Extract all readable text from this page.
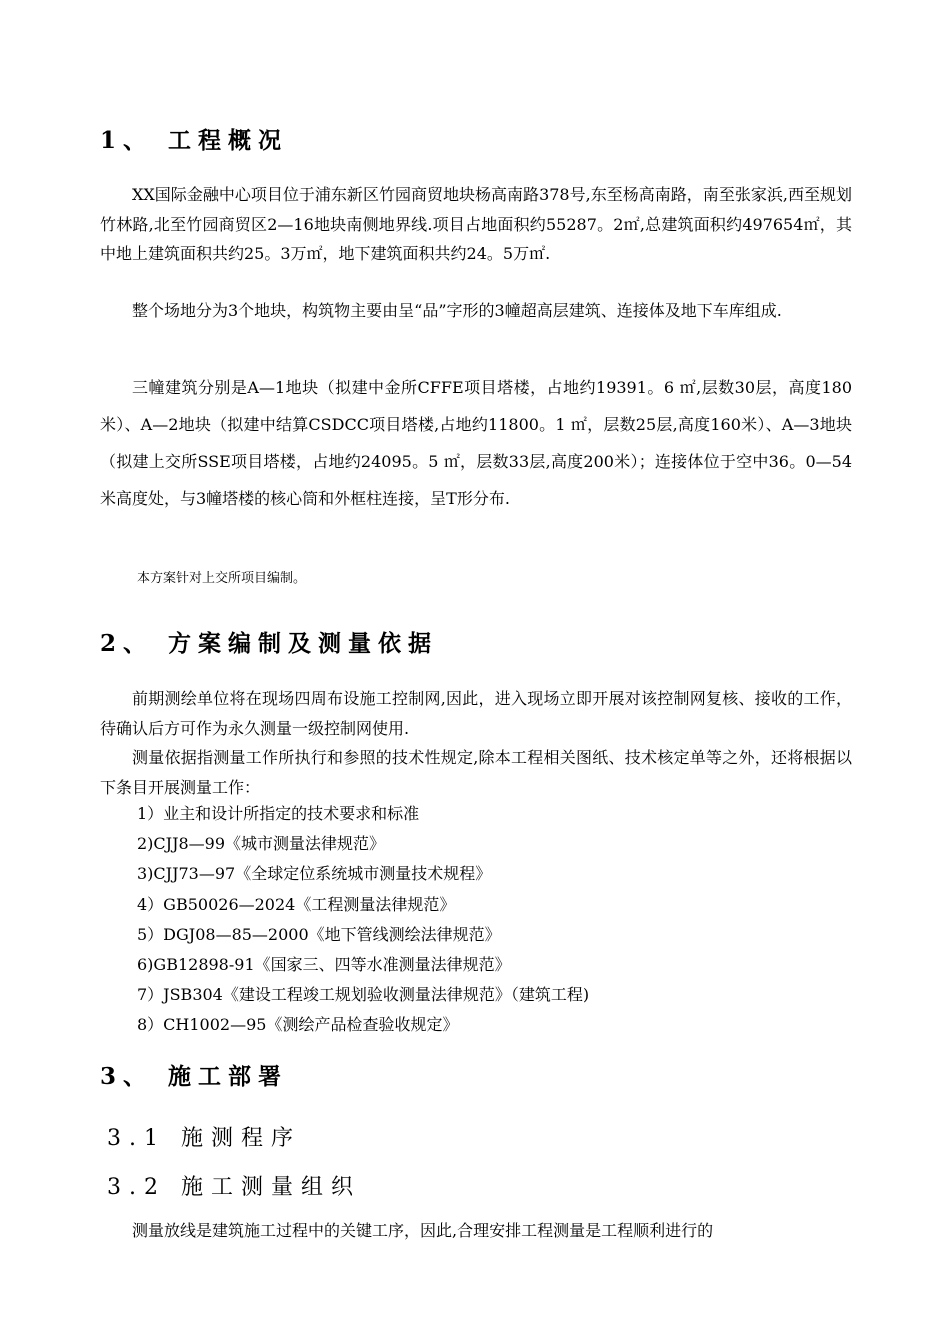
1、 工程概况

XX国际金融中心项目位于浦东新区竹园商贸地块杨高南路378号,东至杨高南路，南至张家浜,西至规划竹林路,北至竹园商贸区2—16地块南侧地界线.项目占地面积约55287。2㎡,总建筑面积约497654㎡，其中地上建筑面积共约25。3万㎡，地下建筑面积共约24。5万㎡.

整个场地分为3个地块，构筑物主要由呈“品”字形的3幢超高层建筑、连接体及地下车库组成.

三幢建筑分别是A—1地块（拟建中金所CFFE项目塔楼，占地约19391。6 ㎡,层数30层，高度180米）、A—2地块（拟建中结算CSDCC项目塔楼,占地约11800。1 ㎡，层数25层,高度160米）、A—3地块（拟建上交所SSE项目塔楼，占地约24095。5 ㎡，层数33层,高度200米）；连接体位于空中36。0—54米高度处，与3幢塔楼的核心筒和外框柱连接，呈T形分布.

本方案针对上交所项目编制。

2、 方案编制及测量依据

前期测绘单位将在现场四周布设施工控制网,因此，进入现场立即开展对该控制网复核、接收的工作，待确认后方可作为永久测量一级控制网使用.

测量依据指测量工作所执行和参照的技术性规定,除本工程相关图纸、技术核定单等之外，还将根据以下条目开展测量工作：

1）业主和设计所指定的技术要求和标准
2)CJJ8—99《城市测量法律规范》
3)CJJ73—97《全球定位系统城市测量技术规程》
4）GB50026—2024《工程测量法律规范》
5）DGJ08—85—2000《地下管线测绘法律规范》
6)GB12898-91《国家三、四等水准测量法律规范》
7）JSB304《建设工程竣工规划验收测量法律规范》（建筑工程)
8）CH1002—95《测绘产品检查验收规定》
3、 施工部署
3.1 施测程序
3.2 施工测量组织

测量放线是建筑施工过程中的关键工序，因此,合理安排工程测量是工程顺利进行的
